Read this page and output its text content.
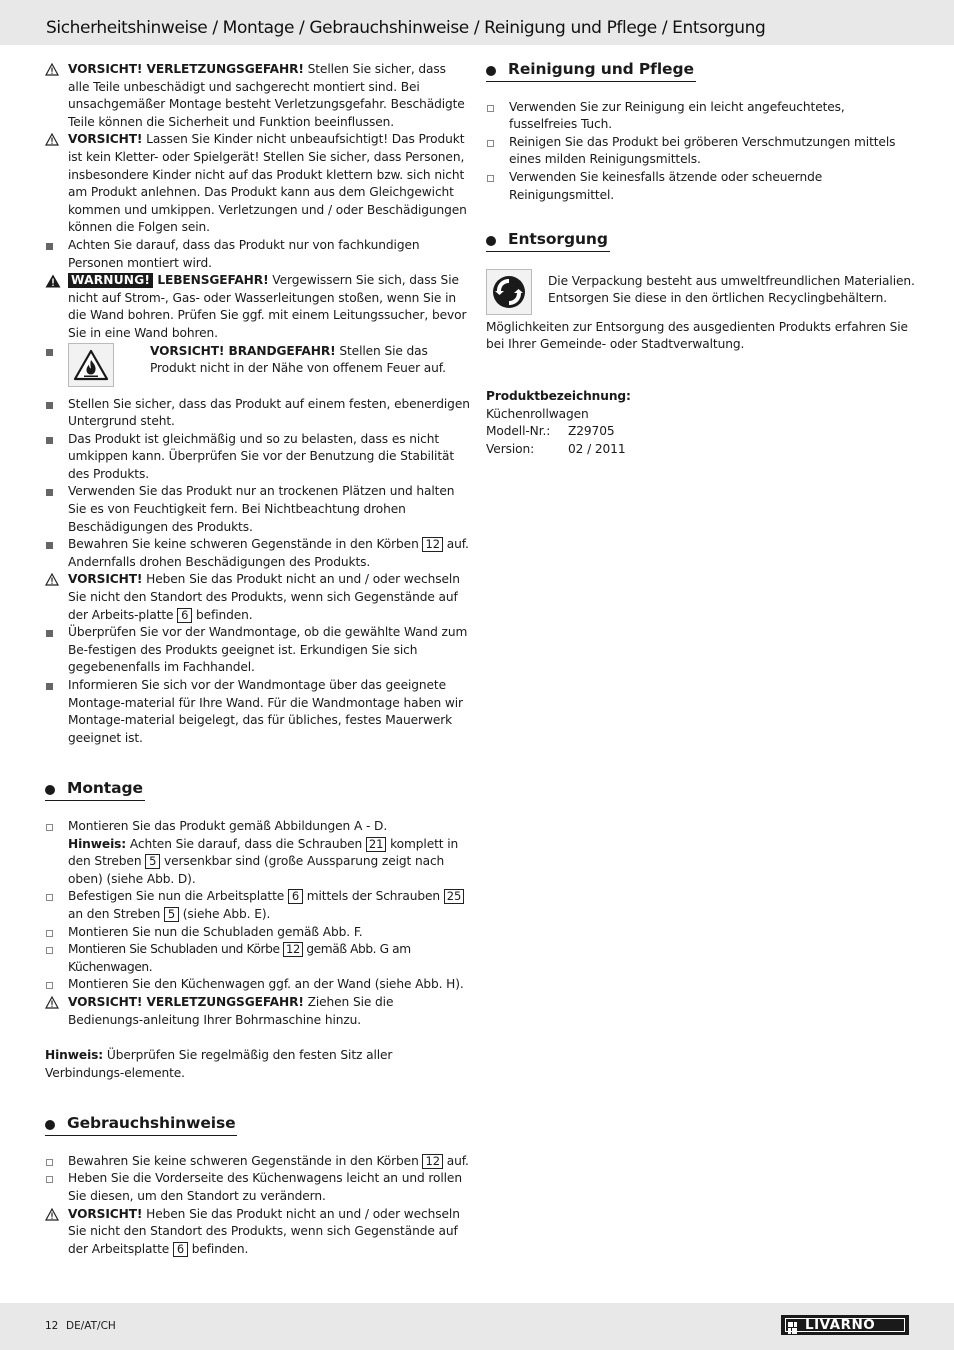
Sicherheitshinweise / Montage / Gebrauchshinweise / Reinigung und Pflege / Entsorgung
VORSICHT! VERLETZUNGSGEFAHR! Stellen Sie sicher, dass alle Teile unbeschädigt und sachgerecht montiert sind. Bei unsachgemäßer Montage besteht Verletzungsgefahr. Beschädigte Teile können die Sicherheit und Funktion beeinflussen.
VORSICHT! Lassen Sie Kinder nicht unbeaufsichtigt! Das Produkt ist kein Kletter- oder Spielgerät! Stellen Sie sicher, dass Personen, insbesondere Kinder nicht auf das Produkt klettern bzw. sich nicht am Produkt anlehnen. Das Produkt kann aus dem Gleichgewicht kommen und umkippen. Verletzungen und / oder Beschädigungen können die Folgen sein.
Achten Sie darauf, dass das Produkt nur von fachkundigen Personen montiert wird.
WARNUNG! LEBENSGEFAHR! Vergewissern Sie sich, dass Sie nicht auf Strom-, Gas- oder Wasserleitungen stoßen, wenn Sie in die Wand bohren. Prüfen Sie ggf. mit einem Leitungssucher, bevor Sie in eine Wand bohren.
VORSICHT! BRANDGEFAHR! Stellen Sie das Produkt nicht in der Nähe von offenem Feuer auf.
Stellen Sie sicher, dass das Produkt auf einem festen, ebenerdigen Untergrund steht.
Das Produkt ist gleichmäßig und so zu belasten, dass es nicht umkippen kann. Überprüfen Sie vor der Benutzung die Stabilität des Produkts.
Verwenden Sie das Produkt nur an trockenen Plätzen und halten Sie es von Feuchtigkeit fern. Bei Nichtbeachtung drohen Beschädigungen des Produkts.
Bewahren Sie keine schweren Gegenstände in den Körben 12 auf. Andernfalls drohen Beschädigungen des Produkts.
VORSICHT! Heben Sie das Produkt nicht an und / oder wechseln Sie nicht den Standort des Produkts, wenn sich Gegenstände auf der Arbeits-platte 6 befinden.
Überprüfen Sie vor der Wandmontage, ob die gewählte Wand zum Be-festigen des Produkts geeignet ist. Erkundigen Sie sich gegebenenfalls im Fachhandel.
Informieren Sie sich vor der Wandmontage über das geeignete Montage-material für Ihre Wand. Für die Wandmontage haben wir Montage-material beigelegt, das für übliches, festes Mauerwerk geeignet ist.
Montage
Montieren Sie das Produkt gemäß Abbildungen A - D.
Hinweis: Achten Sie darauf, dass die Schrauben 21 komplett in den Streben 5 versenkbar sind (große Aussparung zeigt nach oben) (siehe Abb. D).
Befestigen Sie nun die Arbeitsplatte 6 mittels der Schrauben 25 an den Streben 5 (siehe Abb. E).
Montieren Sie nun die Schubladen gemäß Abb. F.
Montieren Sie Schubladen und Körbe 12 gemäß Abb. G am Küchenwagen.
Montieren Sie den Küchenwagen ggf. an der Wand (siehe Abb. H).
VORSICHT! VERLETZUNGSGEFAHR! Ziehen Sie die Bedienungs-anleitung Ihrer Bohrmaschine hinzu.
Hinweis: Überprüfen Sie regelmäßig den festen Sitz aller Verbindungs-elemente.
Gebrauchshinweise
Bewahren Sie keine schweren Gegenstände in den Körben 12 auf.
Heben Sie die Vorderseite des Küchenwagens leicht an und rollen Sie diesen, um den Standort zu verändern.
VORSICHT! Heben Sie das Produkt nicht an und / oder wechseln Sie nicht den Standort des Produkts, wenn sich Gegenstände auf der Arbeitsplatte 6 befinden.
Reinigung und Pflege
Verwenden Sie zur Reinigung ein leicht angefeuchtetes, fusselfreies Tuch.
Reinigen Sie das Produkt bei gröberen Verschmutzungen mittels eines milden Reinigungsmittels.
Verwenden Sie keinesfalls ätzende oder scheuernde Reinigungsmittel.
Entsorgung
Die Verpackung besteht aus umweltfreundlichen Materialien. Entsorgen Sie diese in den örtlichen Recyclingbehältern.
Möglichkeiten zur Entsorgung des ausgedienten Produkts erfahren Sie bei Ihrer Gemeinde- oder Stadtverwaltung.
Produktbezeichnung:
Küchenrollwagen
Modell-Nr.:	Z29705
Version:	02 / 2011
12 DE/AT/CH	LIVARNO
